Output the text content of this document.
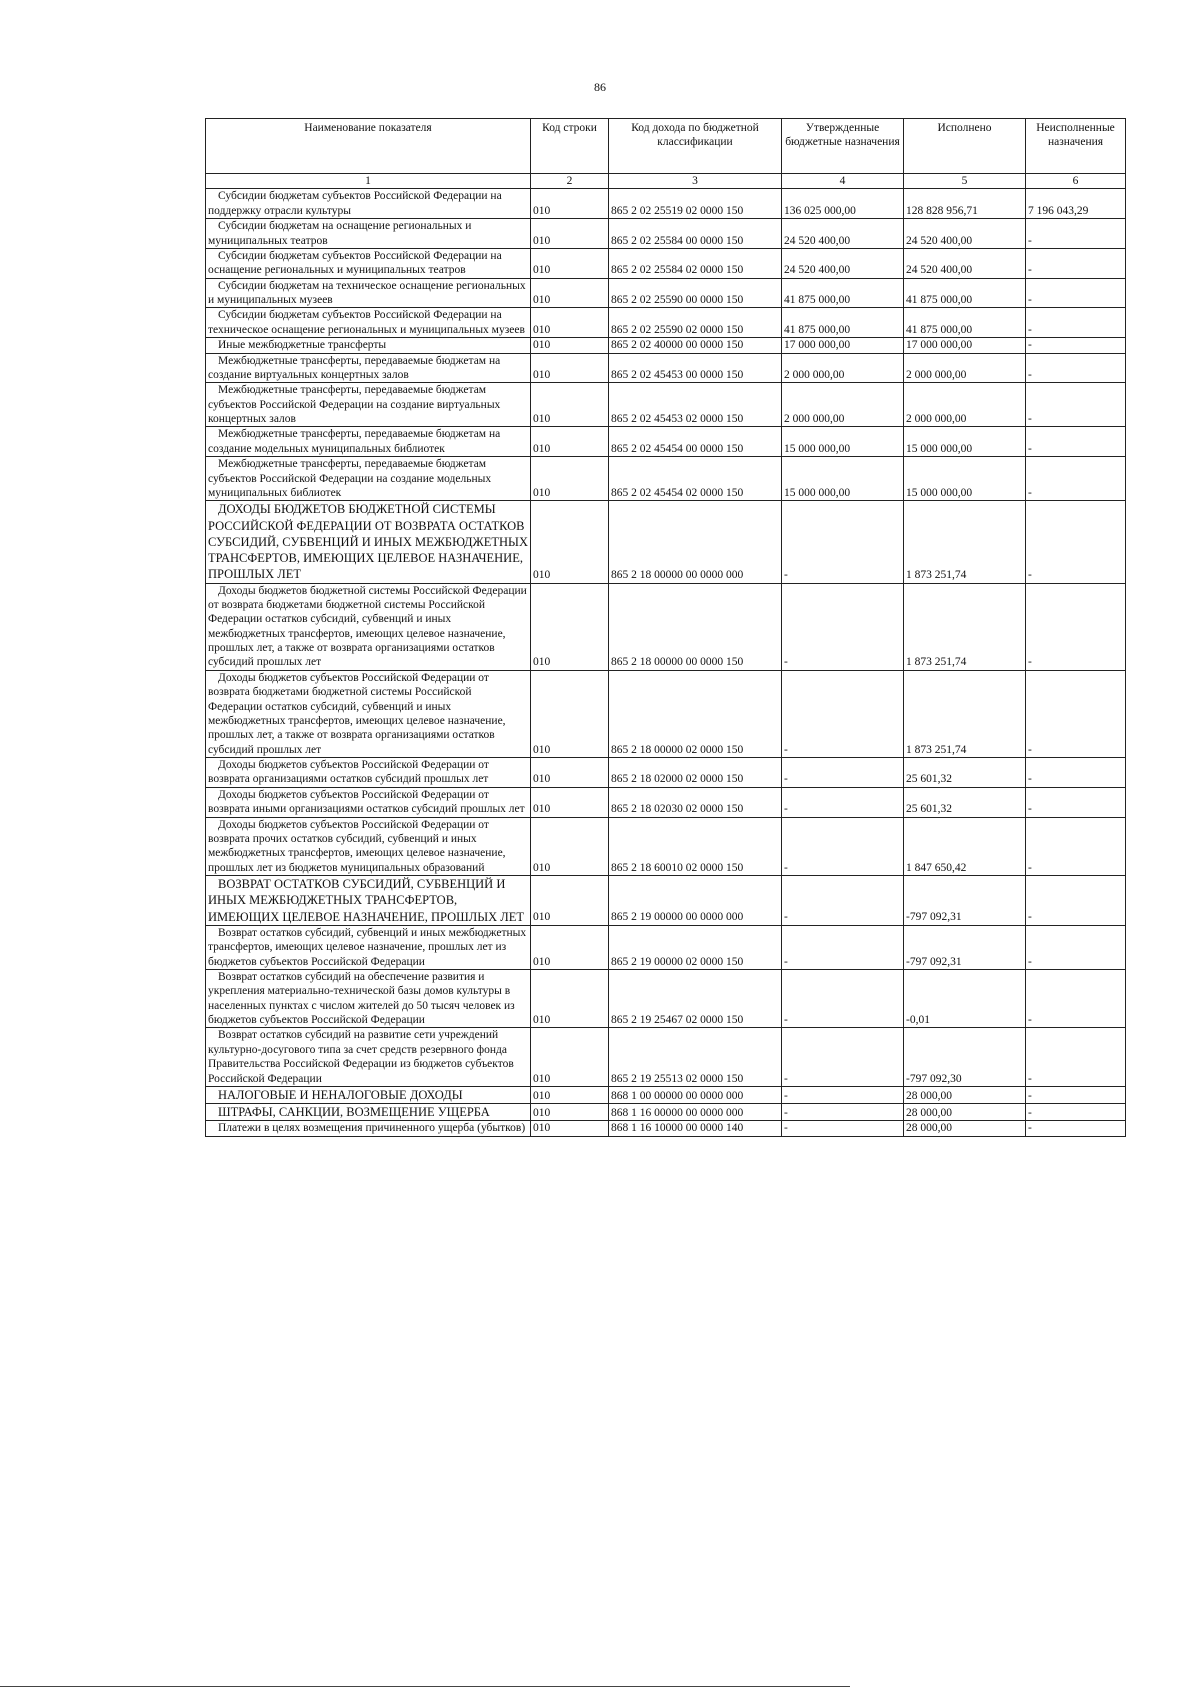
86
Наименование показателя	Код строки	Код дохода по бюджетной классификации	Утвержденные бюджетные назначения	Исполнено	Неисполненные назначения
1	2	3	4	5	6
Субсидии бюджетам субъектов Российской Федерации на поддержку отрасли культуры	010	865 2 02 25519 02 0000 150	136 025 000,00	128 828 956,71	7 196 043,29
Субсидии бюджетам на оснащение региональных и муниципальных театров	010	865 2 02 25584 00 0000 150	24 520 400,00	24 520 400,00	-
Субсидии бюджетам субъектов Российской Федерации на оснащение региональных и муниципальных театров	010	865 2 02 25584 02 0000 150	24 520 400,00	24 520 400,00	-
Субсидии бюджетам на техническое оснащение региональных и муниципальных музеев	010	865 2 02 25590 00 0000 150	41 875 000,00	41 875 000,00	-
Субсидии бюджетам субъектов Российской Федерации на техническое оснащение региональных и муниципальных музеев	010	865 2 02 25590 02 0000 150	41 875 000,00	41 875 000,00	-
Иные межбюджетные трансферты	010	865 2 02 40000 00 0000 150	17 000 000,00	17 000 000,00	-
Межбюджетные трансферты, передаваемые бюджетам на создание виртуальных концертных залов	010	865 2 02 45453 00 0000 150	2 000 000,00	2 000 000,00	-
Межбюджетные трансферты, передаваемые бюджетам субъектов Российской Федерации на создание виртуальных концертных залов	010	865 2 02 45453 02 0000 150	2 000 000,00	2 000 000,00	-
Межбюджетные трансферты, передаваемые бюджетам на создание модельных муниципальных библиотек	010	865 2 02 45454 00 0000 150	15 000 000,00	15 000 000,00	-
Межбюджетные трансферты, передаваемые бюджетам субъектов Российской Федерации на создание модельных муниципальных библиотек	010	865 2 02 45454 02 0000 150	15 000 000,00	15 000 000,00	-
ДОХОДЫ БЮДЖЕТОВ БЮДЖЕТНОЙ СИСТЕМЫ РОССИЙСКОЙ ФЕДЕРАЦИИ ОТ ВОЗВРАТА ОСТАТКОВ СУБСИДИЙ, СУБВЕНЦИЙ И ИНЫХ МЕЖБЮДЖЕТНЫХ ТРАНСФЕРТОВ, ИМЕЮЩИХ ЦЕЛЕВОЕ НАЗНАЧЕНИЕ, ПРОШЛЫХ ЛЕТ	010	865 2 18 00000 00 0000 000	-	1 873 251,74	-
Доходы бюджетов бюджетной системы Российской Федерации от возврата бюджетами бюджетной системы Российской Федерации остатков субсидий, субвенций и иных межбюджетных трансфертов, имеющих целевое назначение, прошлых лет, а также от возврата организациями остатков субсидий прошлых лет	010	865 2 18 00000 00 0000 150	-	1 873 251,74	-
Доходы бюджетов субъектов Российской Федерации от возврата бюджетами бюджетной системы Российской Федерации остатков субсидий, субвенций и иных межбюджетных трансфертов, имеющих целевое назначение, прошлых лет, а также от возврата организациями остатков субсидий прошлых лет	010	865 2 18 00000 02 0000 150	-	1 873 251,74	-
Доходы бюджетов субъектов Российской Федерации от возврата организациями остатков субсидий прошлых лет	010	865 2 18 02000 02 0000 150	-	25 601,32	-
Доходы бюджетов субъектов Российской Федерации от возврата иными организациями остатков субсидий прошлых лет	010	865 2 18 02030 02 0000 150	-	25 601,32	-
Доходы бюджетов субъектов Российской Федерации от возврата прочих остатков субсидий, субвенций и иных межбюджетных трансфертов, имеющих целевое назначение, прошлых лет из бюджетов муниципальных образований	010	865 2 18 60010 02 0000 150	-	1 847 650,42	-
ВОЗВРАТ ОСТАТКОВ СУБСИДИЙ, СУБВЕНЦИЙ И ИНЫХ МЕЖБЮДЖЕТНЫХ ТРАНСФЕРТОВ, ИМЕЮЩИХ ЦЕЛЕВОЕ НАЗНАЧЕНИЕ, ПРОШЛЫХ ЛЕТ	010	865 2 19 00000 00 0000 000	-	-797 092,31	-
Возврат остатков субсидий, субвенций и иных межбюджетных трансфертов, имеющих целевое назначение, прошлых лет из бюджетов субъектов Российской Федерации	010	865 2 19 00000 02 0000 150	-	-797 092,31	-
Возврат остатков субсидий на обеспечение развития и укрепления материально-технической базы домов культуры в населенных пунктах с числом жителей до 50 тысяч человек из бюджетов субъектов Российской Федерации	010	865 2 19 25467 02 0000 150	-	-0,01	-
Возврат остатков субсидий на развитие сети учреждений культурно-досугового типа за счет средств резервного фонда Правительства Российской Федерации из бюджетов субъектов Российской Федерации	010	865 2 19 25513 02 0000 150	-	-797 092,30	-
НАЛОГОВЫЕ И НЕНАЛОГОВЫЕ ДОХОДЫ	010	868 1 00 00000 00 0000 000	-	28 000,00	-
ШТРАФЫ, САНКЦИИ, ВОЗМЕЩЕНИЕ УЩЕРБА	010	868 1 16 00000 00 0000 000	-	28 000,00	-
Платежи в целях возмещения причиненного ущерба (убытков)	010	868 1 16 10000 00 0000 140	-	28 000,00	-
